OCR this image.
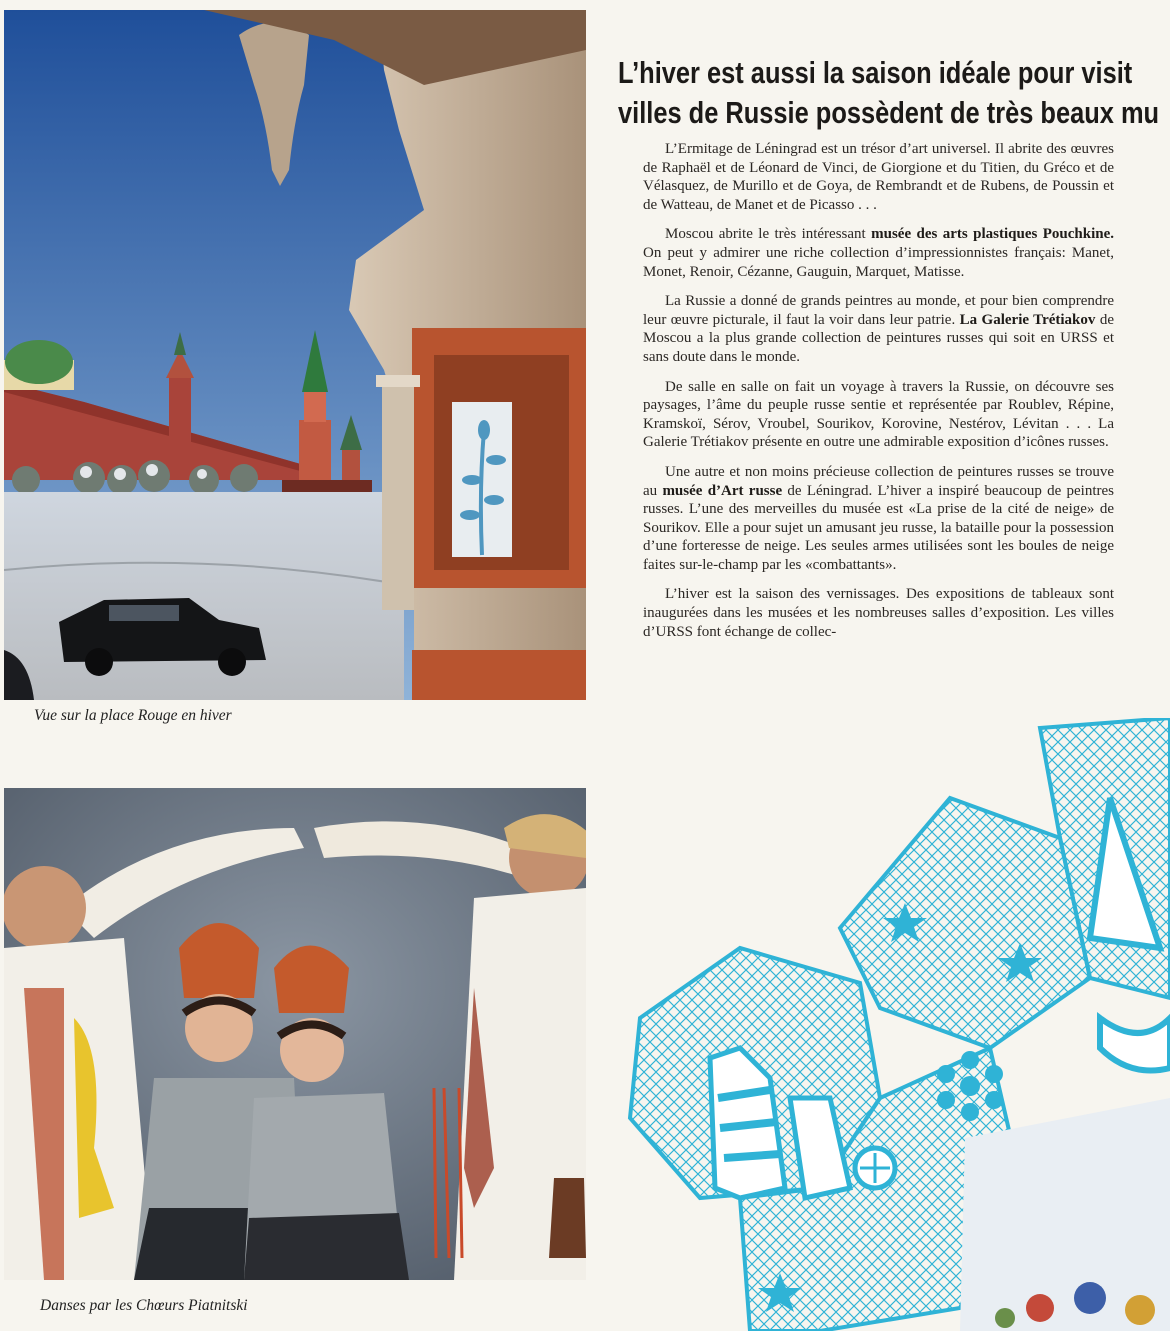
Vue sur la place Rouge en hiver
L’hiver est aussi la saison idéale pour visit
villes de Russie possèdent de très beaux mu

L’Ermitage de Léningrad est un trésor d’art universel. Il abrite des œuvres de Raphaël et de Léonard de Vinci, de Giorgione et du Titien, du Gréco et de Vélasquez, de Murillo et de Goya, de Rembrandt et de Rubens, de Poussin et de Watteau, de Manet et de Picasso . . .

Moscou abrite le très intéressant musée des arts plastiques Pouchkine. On peut y admirer une riche collection d’impressionnistes français: Manet, Monet, Renoir, Cézanne, Gauguin, Marquet, Matisse.

La Russie a donné de grands peintres au monde, et pour bien comprendre leur œuvre picturale, il faut la voir dans leur patrie. La Galerie Trétiakov de Moscou a la plus grande collection de peintures russes qui soit en URSS et sans doute dans le monde.

De salle en salle on fait un voyage à travers la Russie, on découvre ses paysages, l’âme du peuple russe sentie et représentée par Roublev, Répine, Kramskoï, Sérov, Vroubel, Sourikov, Korovine, Nestérov, Lévitan . . . La Galerie Trétiakov présente en outre une admirable exposition d’icônes russes.

Une autre et non moins précieuse collection de peintures russes se trouve au musée d’Art russe de Léningrad. L’hiver a inspiré beaucoup de peintres russes. L’une des merveilles du musée est «La prise de la cité de neige» de Sourikov. Elle a pour sujet un amusant jeu russe, la bataille pour la possession d’une forteresse de neige. Les seules armes utilisées sont les boules de neige faites sur-le-champ par les «combattants».

L’hiver est la saison des vernissages. Des expositions de tableaux sont inaugurées dans les musées et les nombreuses salles d’exposition. Les villes d’URSS font échange de collec-

Danses par les Chœurs Piatnitski
